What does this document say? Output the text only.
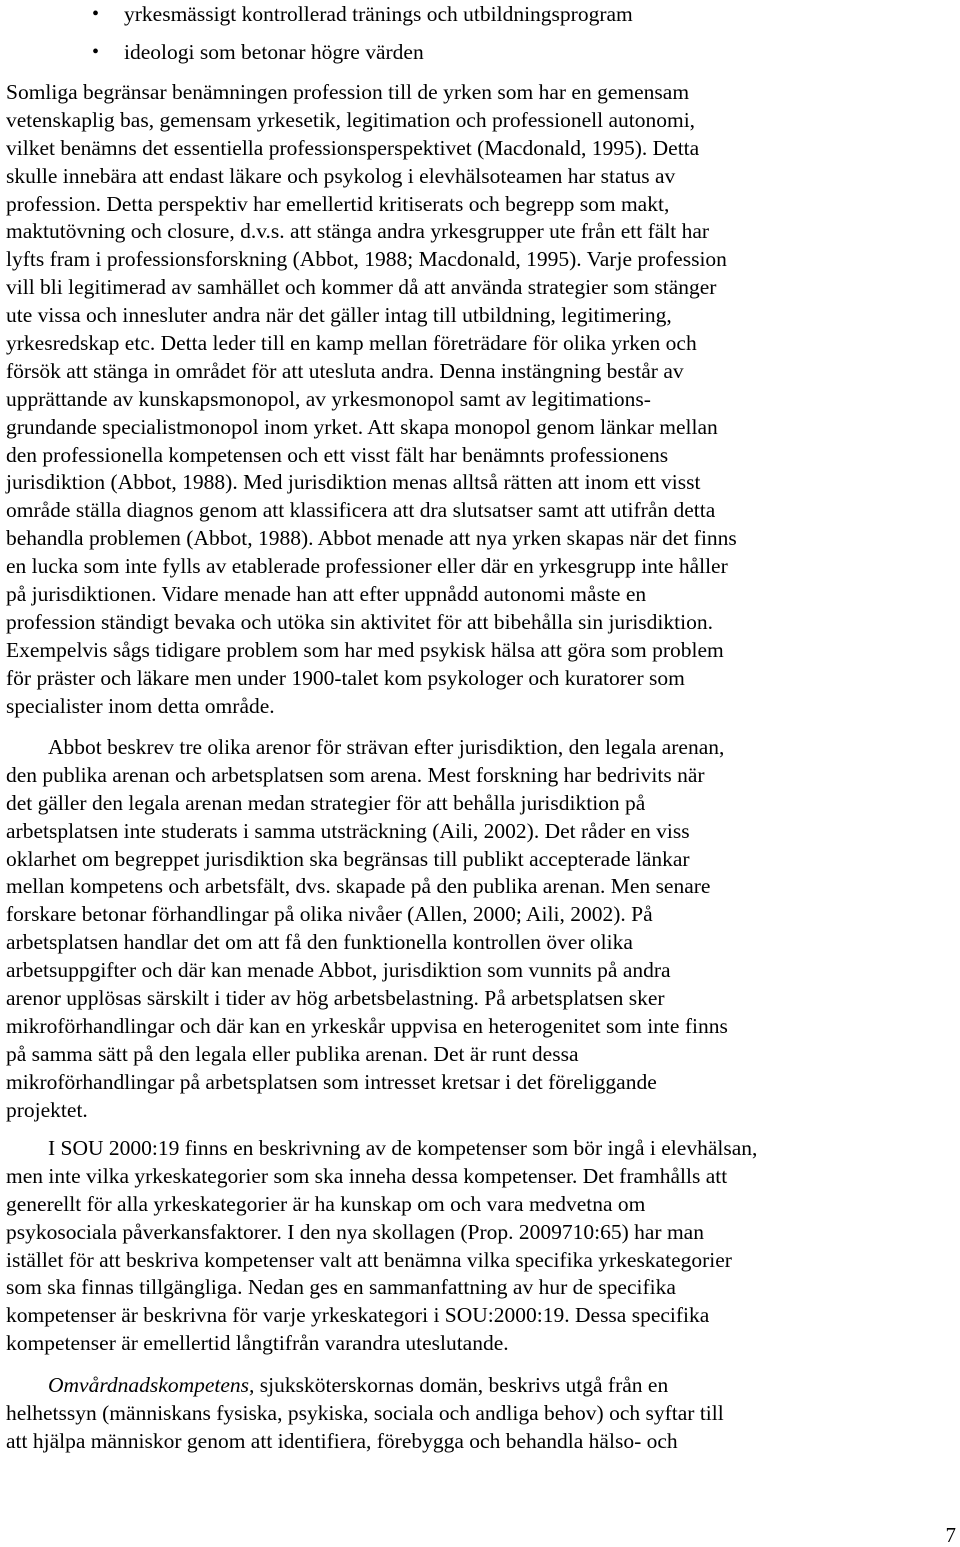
• yrkesmässigt kontrollerad tränings och utbildningsprogram
• ideologi som betonar högre värden

Somliga begränsar benämningen profession till de yrken som har en gemensam
vetenskaplig bas, gemensam yrkesetik, legitimation och professionell autonomi,
vilket benämns det essentiella professionsperspektivet (Macdonald, 1995). Detta
skulle innebära att endast läkare och psykolog i elevhälsoteamen har status av
profession. Detta perspektiv har emellertid kritiserats och begrepp som makt,
maktutövning och closure, d.v.s. att stänga andra yrkesgrupper ute från ett fält har
lyfts fram i professionsforskning (Abbot, 1988; Macdonald, 1995). Varje profession
vill bli legitimerad av samhället och kommer då att använda strategier som stänger
ute vissa och innesluter andra när det gäller intag till utbildning, legitimering,
yrkesredskap etc. Detta leder till en kamp mellan företrädare för olika yrken och
försök att stänga in området för att utesluta andra. Denna instängning består av
upprättande av kunskapsmonopol, av yrkesmonopol samt av legitimations-
grundande specialistmonopol inom yrket. Att skapa monopol genom länkar mellan
den professionella kompetensen och ett visst fält har benämnts professionens
jurisdiktion (Abbot, 1988). Med jurisdiktion menas alltså rätten att inom ett visst
område ställa diagnos genom att klassificera att dra slutsatser samt att utifrån detta
behandla problemen (Abbot, 1988). Abbot menade att nya yrken skapas när det finns
en lucka som inte fylls av etablerade professioner eller där en yrkesgrupp inte håller
på jurisdiktionen. Vidare menade han att efter uppnådd autonomi måste en
profession ständigt bevaka och utöka sin aktivitet för att bibehålla sin jurisdiktion.
Exempelvis sågs tidigare problem som har med psykisk hälsa att göra som problem
för präster och läkare men under 1900-talet kom psykologer och kuratorer som
specialister inom detta område.

Abbot beskrev tre olika arenor för strävan efter jurisdiktion, den legala arenan,
den publika arenan och arbetsplatsen som arena. Mest forskning har bedrivits när
det gäller den legala arenan medan strategier för att behålla jurisdiktion på
arbetsplatsen inte studerats i samma utsträckning (Aili, 2002). Det råder en viss
oklarhet om begreppet jurisdiktion ska begränsas till publikt accepterade länkar
mellan kompetens och arbetsfält, dvs. skapade på den publika arenan. Men senare
forskare betonar förhandlingar på olika nivåer (Allen, 2000; Aili, 2002). På
arbetsplatsen handlar det om att få den funktionella kontrollen över olika
arbetsuppgifter och där kan menade Abbot, jurisdiktion som vunnits på andra
arenor upplösas särskilt i tider av hög arbetsbelastning. På arbetsplatsen sker
mikroförhandlingar och där kan en yrkeskår uppvisa en heterogenitet som inte finns
på samma sätt på den legala eller publika arenan. Det är runt dessa
mikroförhandlingar på arbetsplatsen som intresset kretsar i det föreliggande
projektet.

I SOU 2000:19 finns en beskrivning av de kompetenser som bör ingå i elevhälsan,
men inte vilka yrkeskategorier som ska inneha dessa kompetenser. Det framhålls att
generellt för alla yrkeskategorier är ha kunskap om och vara medvetna om
psykosociala påverkansfaktorer. I den nya skollagen (Prop. 2009710:65) har man
istället för att beskriva kompetenser valt att benämna vilka specifika yrkeskategorier
som ska finnas tillgängliga. Nedan ges en sammanfattning av hur de specifika
kompetenser är beskrivna för varje yrkeskategori i SOU:2000:19. Dessa specifika
kompetenser är emellertid långtifrån varandra uteslutande.

Omvårdnadskompetens, sjuksköterskornas domän, beskrivs utgå från en
helhetssyn (människans fysiska, psykiska, sociala och andliga behov) och syftar till
att hjälpa människor genom att identifiera, förebygga och behandla hälso- och

7
